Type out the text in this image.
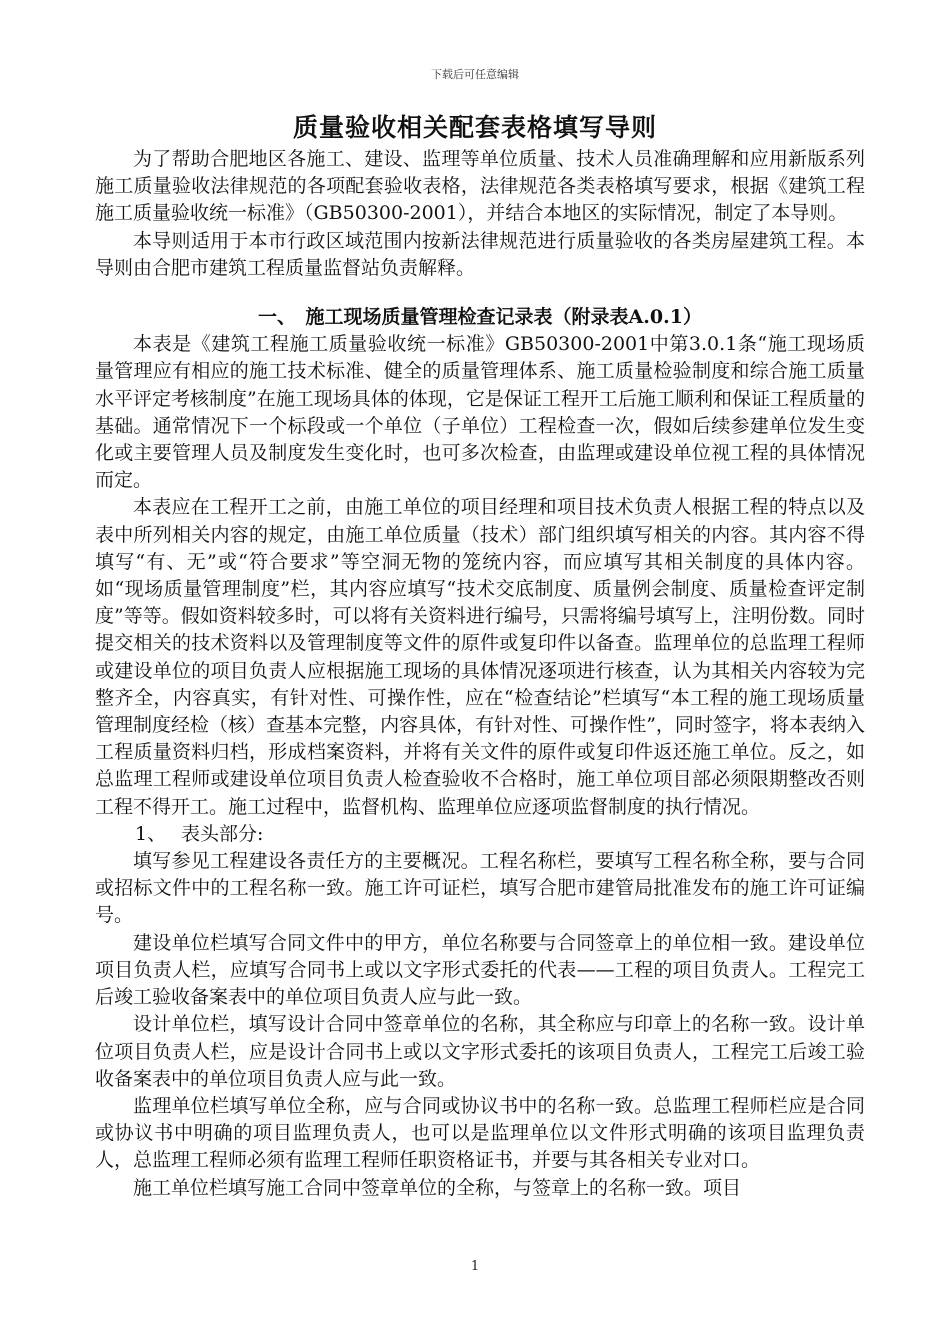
下载后可任意编辑
质量验收相关配套表格填写导则

为了帮助合肥地区各施工、建设、监理等单位质量、技术人员准确理解和应用新版系列施工质量验收法律规范的各项配套验收表格，法律规范各类表格填写要求，根据《建筑工程施工质量验收统一标准》（GB50300-2001），并结合本地区的实际情况，制定了本导则。

本导则适用于本市行政区域范围内按新法律规范进行质量验收的各类房屋建筑工程。本导则由合肥市建筑工程质量监督站负责解释。

一、　施工现场质量管理检查记录表（附录表A.0.1）

本表是《建筑工程施工质量验收统一标准》GB50300-2001中第3.0.1条“施工现场质量管理应有相应的施工技术标准、健全的质量管理体系、施工质量检验制度和综合施工质量水平评定考核制度”在施工现场具体的体现，它是保证工程开工后施工顺利和保证工程质量的基础。通常情况下一个标段或一个单位（子单位）工程检查一次，假如后续参建单位发生变化或主要管理人员及制度发生变化时，也可多次检查，由监理或建设单位视工程的具体情况而定。

本表应在工程开工之前，由施工单位的项目经理和项目技术负责人根据工程的特点以及表中所列相关内容的规定，由施工单位质量（技术）部门组织填写相关的内容。其内容不得填写“有、无”或“符合要求”等空洞无物的笼统内容，而应填写其相关制度的具体内容。如“现场质量管理制度”栏，其内容应填写“技术交底制度、质量例会制度、质量检查评定制度”等等。假如资料较多时，可以将有关资料进行编号，只需将编号填写上，注明份数。同时提交相关的技术资料以及管理制度等文件的原件或复印件以备查。监理单位的总监理工程师或建设单位的项目负责人应根据施工现场的具体情况逐项进行核查，认为其相关内容较为完整齐全，内容真实，有针对性、可操作性，应在“检查结论”栏填写“本工程的施工现场质量管理制度经检（核）查基本完整，内容具体，有针对性、可操作性”，同时签字，将本表纳入工程质量资料归档，形成档案资料，并将有关文件的原件或复印件返还施工单位。反之，如总监理工程师或建设单位项目负责人检查验收不合格时，施工单位项目部必须限期整改否则工程不得开工。施工过程中，监督机构、监理单位应逐项监督制度的执行情况。

1、 表头部分:

填写参见工程建设各责任方的主要概况。工程名称栏，要填写工程名称全称，要与合同或招标文件中的工程名称一致。施工许可证栏，填写合肥市建管局批准发布的施工许可证编号。

建设单位栏填写合同文件中的甲方，单位名称要与合同签章上的单位相一致。建设单位项目负责人栏，应填写合同书上或以文字形式委托的代表——工程的项目负责人。工程完工后竣工验收备案表中的单位项目负责人应与此一致。

设计单位栏，填写设计合同中签章单位的名称，其全称应与印章上的名称一致。设计单位项目负责人栏，应是设计合同书上或以文字形式委托的该项目负责人，工程完工后竣工验收备案表中的单位项目负责人应与此一致。

监理单位栏填写单位全称，应与合同或协议书中的名称一致。总监理工程师栏应是合同或协议书中明确的项目监理负责人，也可以是监理单位以文件形式明确的该项目监理负责人，总监理工程师必须有监理工程师任职资格证书，并要与其各相关专业对口。

施工单位栏填写施工合同中签章单位的全称，与签章上的名称一致。项目

1
